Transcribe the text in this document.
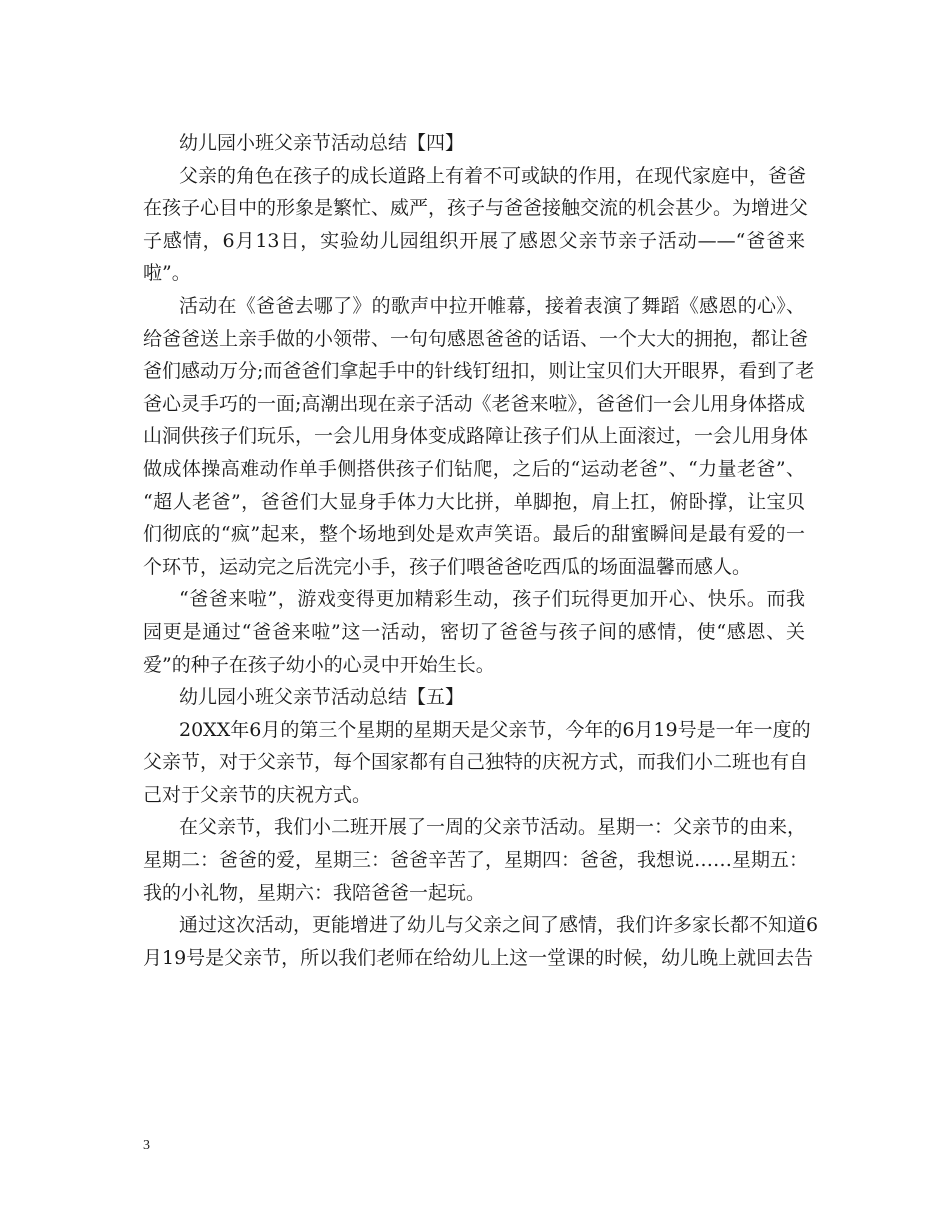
幼儿园小班父亲节活动总结【四】
父亲的角色在孩子的成长道路上有着不可或缺的作用，在现代家庭中，爸爸
在孩子心目中的形象是繁忙、威严，孩子与爸爸接触交流的机会甚少。为增进父
子感情，6月13日，实验幼儿园组织开展了感恩父亲节亲子活动——“爸爸来
啦”。
活动在《爸爸去哪了》的歌声中拉开帷幕，接着表演了舞蹈《感恩的心》、
给爸爸送上亲手做的小领带、一句句感恩爸爸的话语、一个大大的拥抱，都让爸
爸们感动万分;而爸爸们拿起手中的针线钉纽扣，则让宝贝们大开眼界，看到了老
爸心灵手巧的一面;高潮出现在亲子活动《老爸来啦》，爸爸们一会儿用身体搭成
山洞供孩子们玩乐，一会儿用身体变成路障让孩子们从上面滚过，一会儿用身体
做成体操高难动作单手侧搭供孩子们钻爬，之后的“运动老爸”、“力量老爸”、
“超人老爸”，爸爸们大显身手体力大比拼，单脚抱，肩上扛，俯卧撑，让宝贝
们彻底的“疯”起来，整个场地到处是欢声笑语。最后的甜蜜瞬间是最有爱的一
个环节，运动完之后洗完小手，孩子们喂爸爸吃西瓜的场面温馨而感人。
“爸爸来啦”，游戏变得更加精彩生动，孩子们玩得更加开心、快乐。而我
园更是通过“爸爸来啦”这一活动，密切了爸爸与孩子间的感情，使“感恩、关
爱”的种子在孩子幼小的心灵中开始生长。
幼儿园小班父亲节活动总结【五】
20XX年6月的第三个星期的星期天是父亲节，今年的6月19号是一年一度的
父亲节，对于父亲节，每个国家都有自己独特的庆祝方式，而我们小二班也有自
己对于父亲节的庆祝方式。
在父亲节，我们小二班开展了一周的父亲节活动。星期一：父亲节的由来，
星期二：爸爸的爱，星期三：爸爸辛苦了，星期四：爸爸，我想说……星期五：
我的小礼物，星期六：我陪爸爸一起玩。
通过这次活动，更能增进了幼儿与父亲之间了感情，我们许多家长都不知道6
月19号是父亲节，所以我们老师在给幼儿上这一堂课的时候，幼儿晚上就回去告
3
